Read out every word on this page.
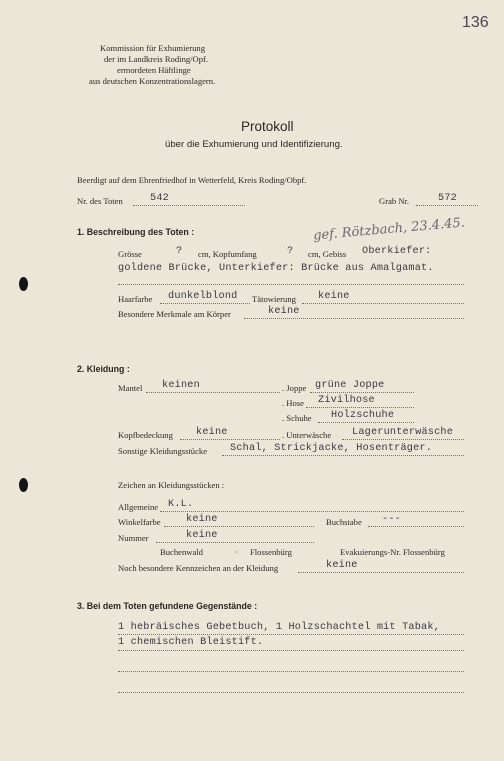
136
Kommission für Exhumierung
der im Landkreis Roding/Opf.
ermordeten Häftlinge
aus deutschen Konzentrationslagern.
Protokoll
über die Exhumierung und Identifizierung.
Beerdigt auf dem Ehrenfriedhof in Wetterfeld, Kreis Roding/Obpf.
Nr. des Toten	542	Grab Nr.	572
1. Beschreibung des Toten :	gef. Rötzbach, 23.4.45.
Grösse	? cm, Kopfumfang	? cm, Gebiss Oberkiefer:
goldene Brücke, Unterkiefer: Brücke aus Amalgamat.
Haarfarbe dunkelblond Tätowierung keine
Besondere Merkmale am Körper	keine
2. Kleidung :
Mantel keinen	. Joppe grüne Joppe
. Hose Zivilhose
. Schuhe Holzschuhe
Kopfbedeckung keine	. Unterwäsche Lagerunterwäsche
Sonstige Kleidungsstücke Schal, Strickjacke, Hosenträger.
Zeichen an Kleidungsstücken :
Allgemeine K.L.
Winkelfarbe keine	Buchstabe ---
Nummer	keine
Buchenwald	· Flossenbürg	Evakuierungs-Nr. Flossenbürg
Noch besondere Kennzeichen an der Kleidung	keine
3. Bei dem Toten gefundene Gegenstände :
1 hebräisches Gebetbuch, 1 Holzschachtel mit Tabak,
1 chemischen Bleistift.
